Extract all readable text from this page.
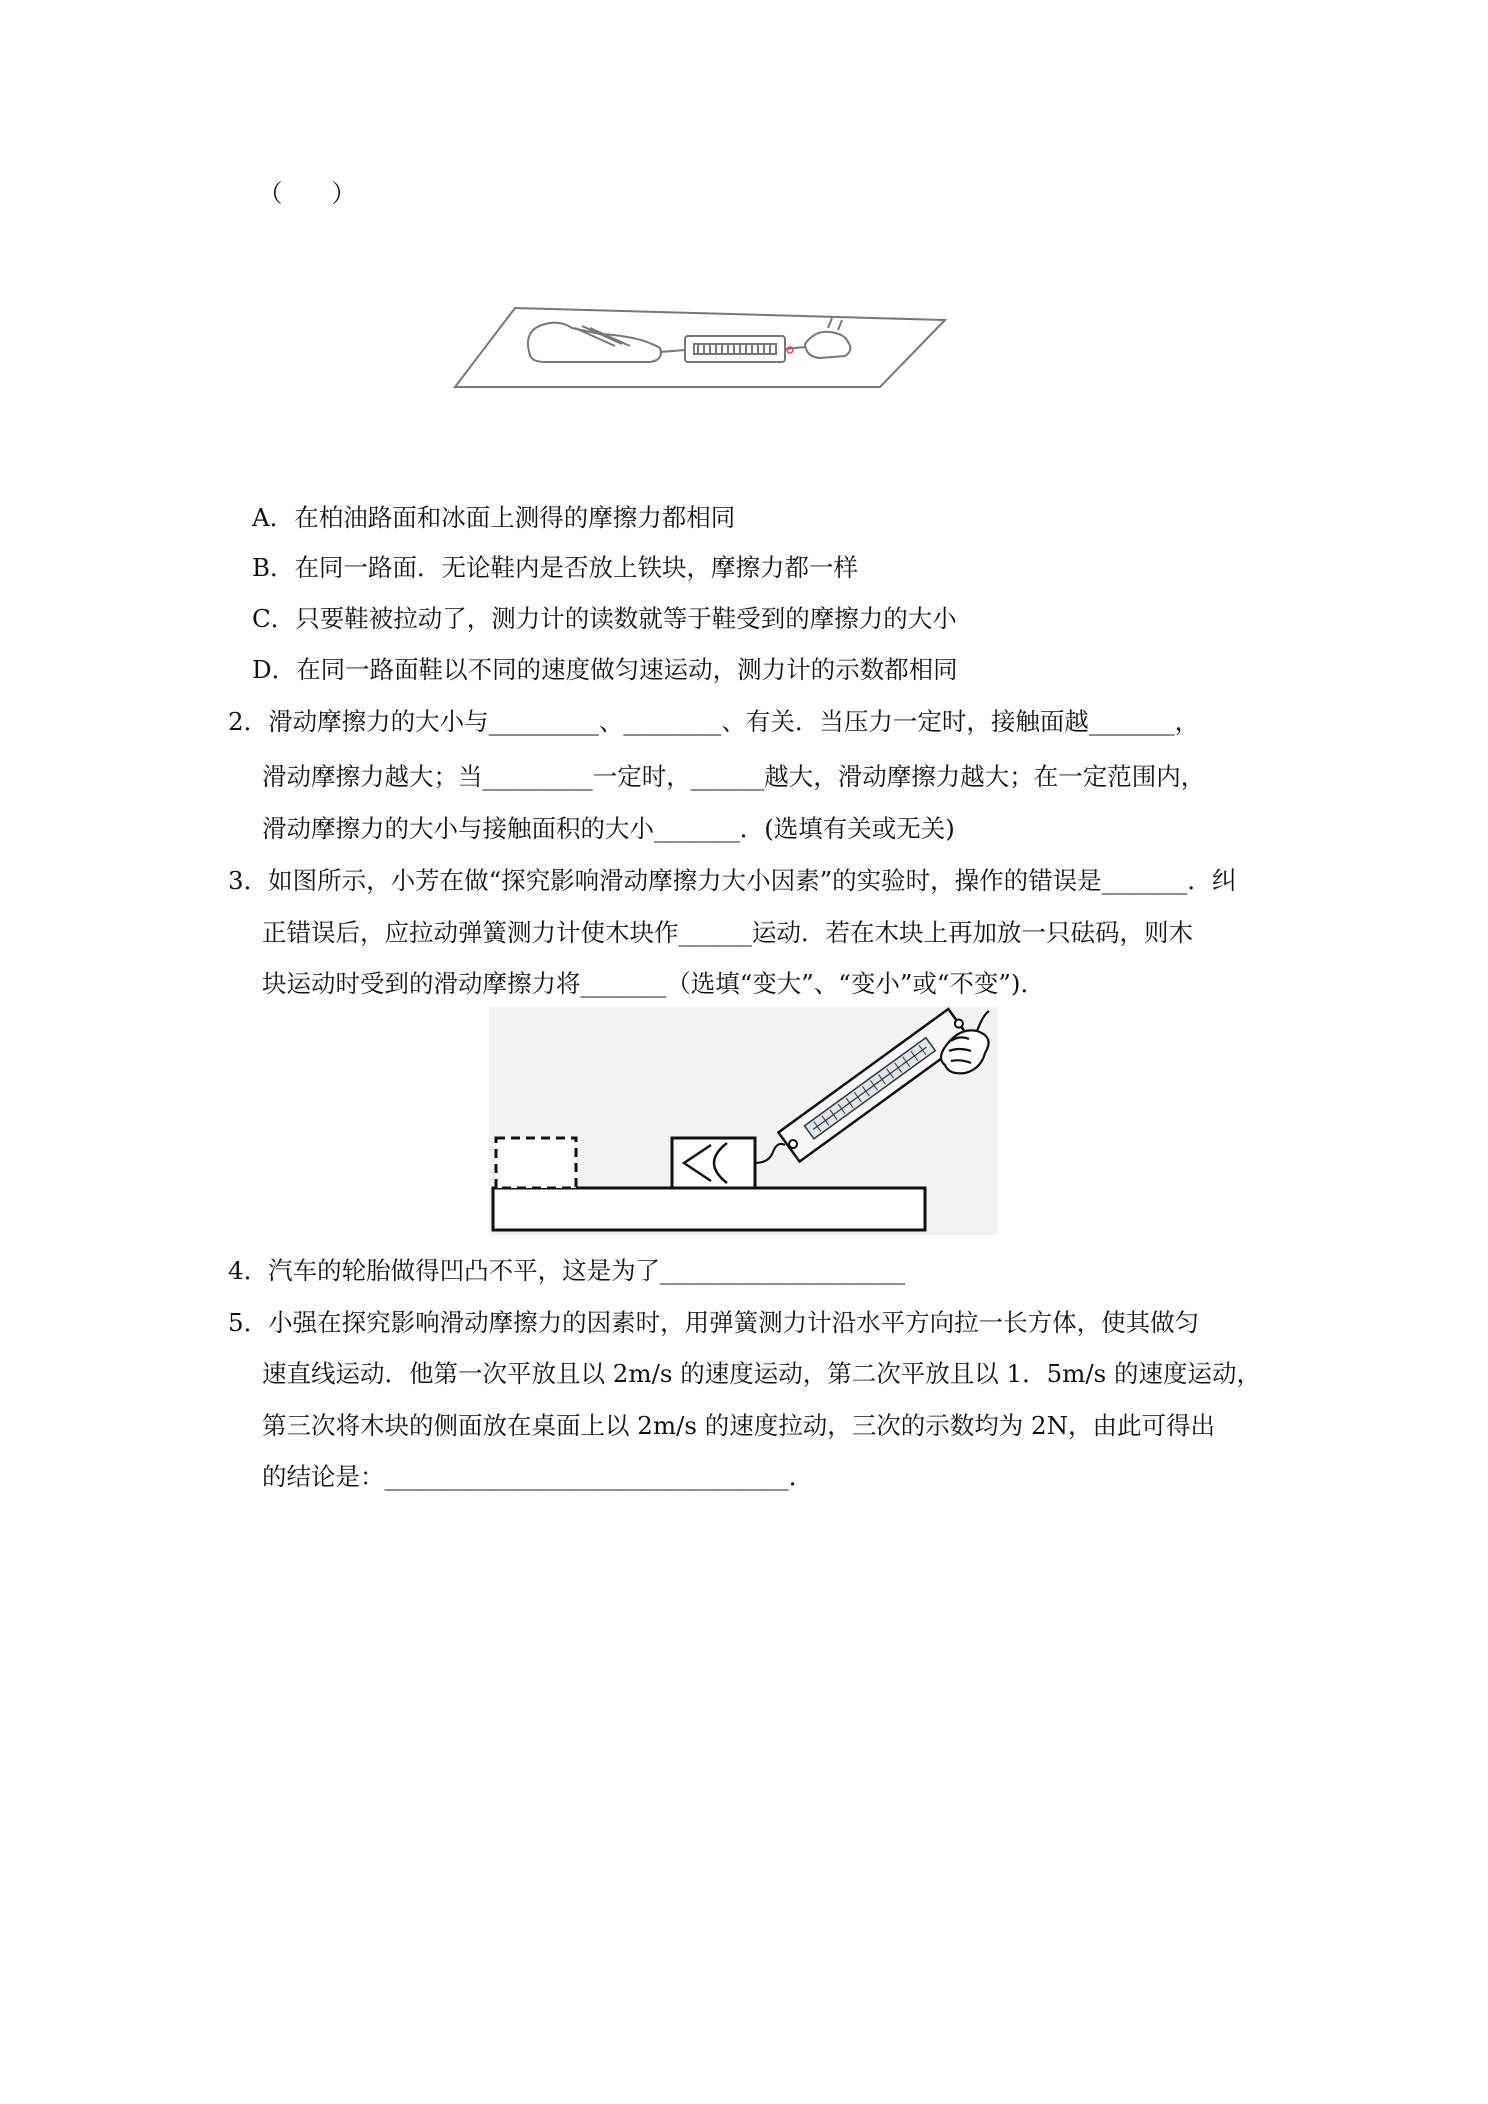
（　　）
A．在柏油路面和冰面上测得的摩擦力都相同
B．在同一路面．无论鞋内是否放上铁块，摩擦力都一样
C．只要鞋被拉动了，测力计的读数就等于鞋受到的摩擦力的大小
D．在同一路面鞋以不同的速度做匀速运动，测力计的示数都相同
2．滑动摩擦力的大小与_________、________、有关．当压力一定时，接触面越_______，
滑动摩擦力越大；当_________一定时，______越大，滑动摩擦力越大；在一定范围内，
滑动摩擦力的大小与接触面积的大小_______．(选填有关或无关)
3．如图所示，小芳在做“探究影响滑动摩擦力大小因素”的实验时，操作的错误是_______．纠
正错误后，应拉动弹簧测力计使木块作______运动．若在木块上再加放一只砝码，则木
块运动时受到的滑动摩擦力将_______（选填“变大”、“变小”或“不变”)．
4．汽车的轮胎做得凹凸不平，这是为了____________________
5．小强在探究影响滑动摩擦力的因素时，用弹簧测力计沿水平方向拉一长方体，使其做匀
速直线运动．他第一次平放且以 2m/s 的速度运动，第二次平放且以 1．5m/s 的速度运动，
第三次将木块的侧面放在桌面上以 2m/s 的速度拉动，三次的示数均为 2N，由此可得出
的结论是：_________________________________．
